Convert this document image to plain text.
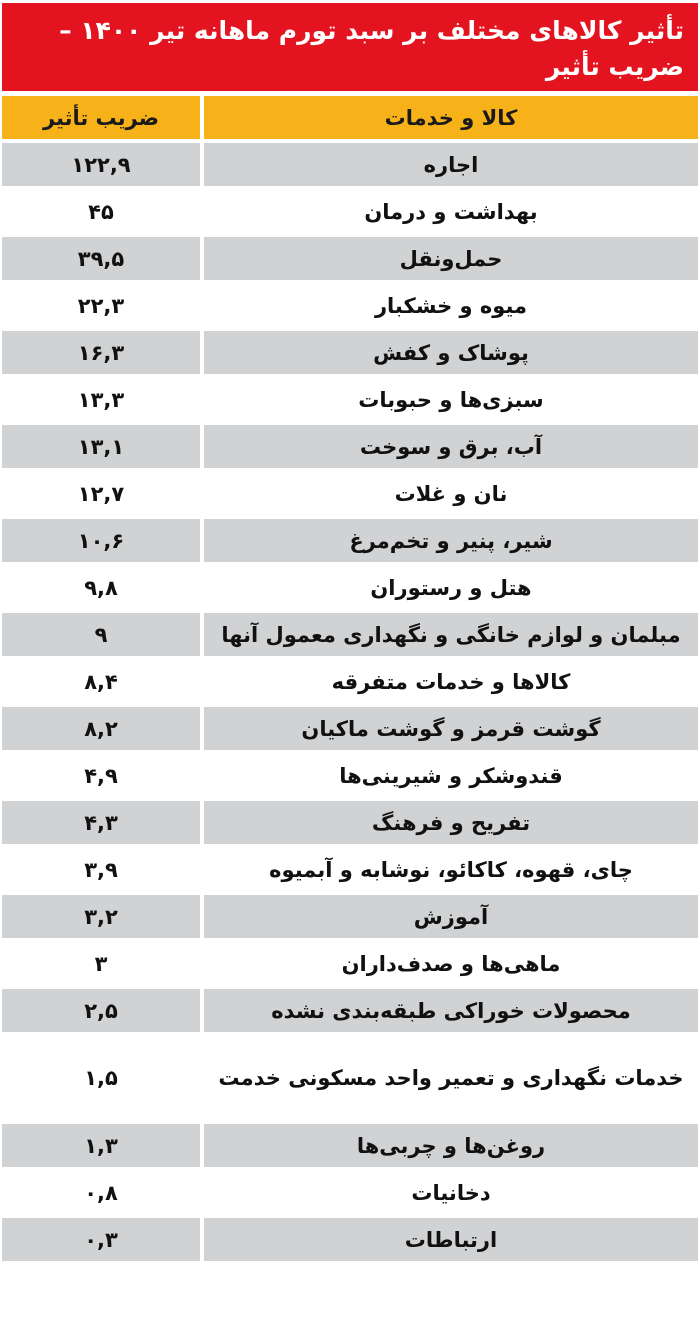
تأثیر کالاهای مختلف بر سبد تورم ماهانه تیر ۱۴۰۰ – ضریب تأثیر
کالا و خدمات	ضریب تأثیر
اجاره	۱۲۲,۹
بهداشت و درمان	۴۵
حمل‌ونقل	۳۹,۵
میوه و خشکبار	۲۲,۳
پوشاک و کفش	۱۶,۳
سبزی‌ها و حبوبات	۱۳,۳
آب، برق و سوخت	۱۳,۱
نان و غلات	۱۲,۷
شیر، پنیر و تخم‌مرغ	۱۰,۶
هتل و رستوران	۹,۸
مبلمان و لوازم خانگی و نگهداری معمول آنها	۹
کالاها و خدمات متفرقه	۸,۴
گوشت قرمز و گوشت ماکیان	۸,۲
قندوشکر و شیرینی‌ها	۴,۹
تفریح و فرهنگ	۴,۳
چای، قهوه، کاکائو، نوشابه و آبمیوه	۳,۹
آموزش	۳,۲
ماهی‌ها و صدف‌داران	۳
محصولات خوراکی طبقه‌بندی نشده	۲,۵
خدمات نگهداری و تعمیر واحد مسکونی خدمت	۱,۵
روغن‌ها و چربی‌ها	۱,۳
دخانیات	۰,۸
ارتباطات	۰,۳
